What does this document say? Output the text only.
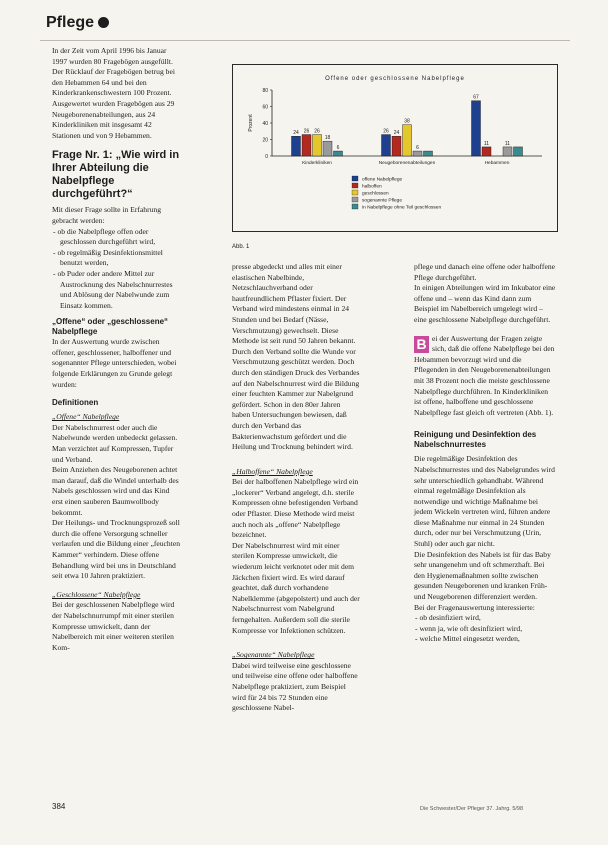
Pflege

In der Zeit vom April 1996 bis Januar 1997 wurden 80 Fragebögen ausgefüllt. Der Rücklauf der Fragebögen betrug bei den Hebammen 64 und bei den Kinderkrankenschwestern 100 Prozent.

Ausgewertet wurden Fragebögen aus 29 Neugeborenenabteilungen, aus 24 Kinderkliniken mit insgesamt 42 Stationen und von 9 Hebammen.

Frage Nr. 1: „Wie wird in Ihrer Abteilung die Nabelpflege durchgeführt?“

Mit dieser Frage sollte in Erfahrung gebracht werden:

- ob die Nabelpflege offen oder geschlossen durchgeführt wird,
- ob regelmäßig Desinfektionsmittel benutzt werden,
- ob Puder oder andere Mittel zur Austrocknung des Nabelschnurrestes und Ablösung der Nabelwunde zum Einsatz kommen.
„Offene“ oder „geschlossene“ Nabelpflege

In der Auswertung wurde zwischen offener, geschlossener, halboffener und sogenannter Pflege unterschieden, wobei folgende Erklärungen zu Grunde gelegt wurden:

Definitionen
„Offene“ Nabelpflege

Der Nabelschnurrest oder auch die Nabelwunde werden unbedeckt gelassen. Man verzichtet auf Kompressen, Tupfer und Verband.

Beim Anziehen des Neugeborenen achtet man darauf, daß die Windel unterhalb des Nabels geschlossen wird und das Kind erst einen sauberen Baumwollbody bekommt.

Der Heilungs- und Trocknungsprozeß soll durch die offene Versorgung schneller verlaufen und die Bildung einer „feuchten Kammer“ verhindern. Diese offene Behandlung wird bei uns in Deutschland seit etwa 10 Jahren praktiziert.

„Geschlossene“ Nabelpflege

Bei der geschlossenen Nabelpflege wird der Nabelschnurrumpf mit einer sterilen Kompresse umwickelt, dann der Nabelbereich mit einer weiteren sterilen Kom-

Offene oder geschlossene Nabelpflege
0
20
40
60
80
Prozent
24 26 26
18
6
Kinderkliniken
26 24
38
6
Neugeborenenabteilungen
67
11	11
Hebammen
offene Nabelpflege
halboffen
geschlossen
sogenannte Pflege
in Nabelpflege ohne Teil geschlossen
Abb. 1

presse abgedeckt und alles mit einer elastischen Nabelbinde, Netzschlauchverband oder hautfreundlichem Pflaster fixiert. Der Verband wird mindestens einmal in 24 Stunden und bei Bedarf (Nässe, Verschmutzung) gewechselt. Diese Methode ist seit rund 50 Jahren bekannt.

Durch den Verband sollte die Wunde vor Verschmutzung geschützt werden. Doch durch den ständigen Druck des Verbandes auf den Nabelschnurrest wird die Bildung einer feuchten Kammer zur Nabelgrund gefördert. Schon in den 80er Jahren haben Untersuchungen bewiesen, daß durch den Verband das Bakterienwachstum gefördert und die Heilung und Trocknung behindert wird.

„Halboffene“ Nabelpflege

Bei der halboffenen Nabelpflege wird ein „lockerer“ Verband angelegt, d.h. sterile Kompressen ohne befestigenden Verband oder Pflaster. Diese Methode wird meist auch noch als „offene“ Nabelpflege bezeichnet.

Der Nabelschnurrest wird mit einer sterilen Kompresse umwickelt, die wiederum leicht verknotet oder mit dem Jäckchen fixiert wird. Es wird darauf geachtet, daß durch vorhandene Nabelklemme (abgepolstert) und auch der Nabelschnurrest vom Nabelgrund ferngehalten. Außerdem soll die sterile Kompresse vor Infektionen schützen.

„Sogenannte“ Nabelpflege

Dabei wird teilweise eine geschlossene und teilweise eine offene oder halboffene Nabelpflege praktiziert, zum Beispiel wird für 24 bis 72 Stunden eine geschlossene Nabel-

pflege und danach eine offene oder halboffene Pflege durchgeführt.

In einigen Abteilungen wird im Inkubator eine offene und – wenn das Kind dann zum Beispiel im Nabelbereich umgelegt wird – eine geschlossene Nabelpflege durchgeführt.

B ei der Auswertung der Fragen zeigte sich, daß die offene Nabelpflege bei den Hebammen bevorzugt wird und die Pflegenden in den Neugeborenenabteilungen mit 38 Prozent noch die meiste geschlossene Nabelpflege durchführen. In Kinderkliniken ist offene, halboffene und geschlossene Nabelpflege fast gleich oft vertreten (Abb. 1).

Reinigung und Desinfektion des Nabelschnurrestes

Die regelmäßige Desinfektion des Nabelschnurrestes und des Nabelgrundes wird sehr unterschiedlich gehandhabt. Während einmal regelmäßige Desinfektion als notwendige und wichtige Maßnahme bei jedem Wickeln vertreten wird, führen andere diese Maßnahme nur einmal in 24 Stunden durch, oder nur bei Verschmutzung (Urin, Stuhl) oder auch gar nicht.

Die Desinfektion des Nabels ist für das Baby sehr unangenehm und oft schmerzhaft. Bei den Hygienemaßnahmen sollte zwischen gesunden Neugeborenen und kranken Früh- und Neugeborenen differenziert werden.

Bei der Fragenauswertung interessierte:

- ob desinfiziert wird,
- wenn ja, wie oft desinfiziert wird,
- welche Mittel eingesetzt werden,
384	Die Schwester/Der Pfleger 37. Jahrg. 5/98
